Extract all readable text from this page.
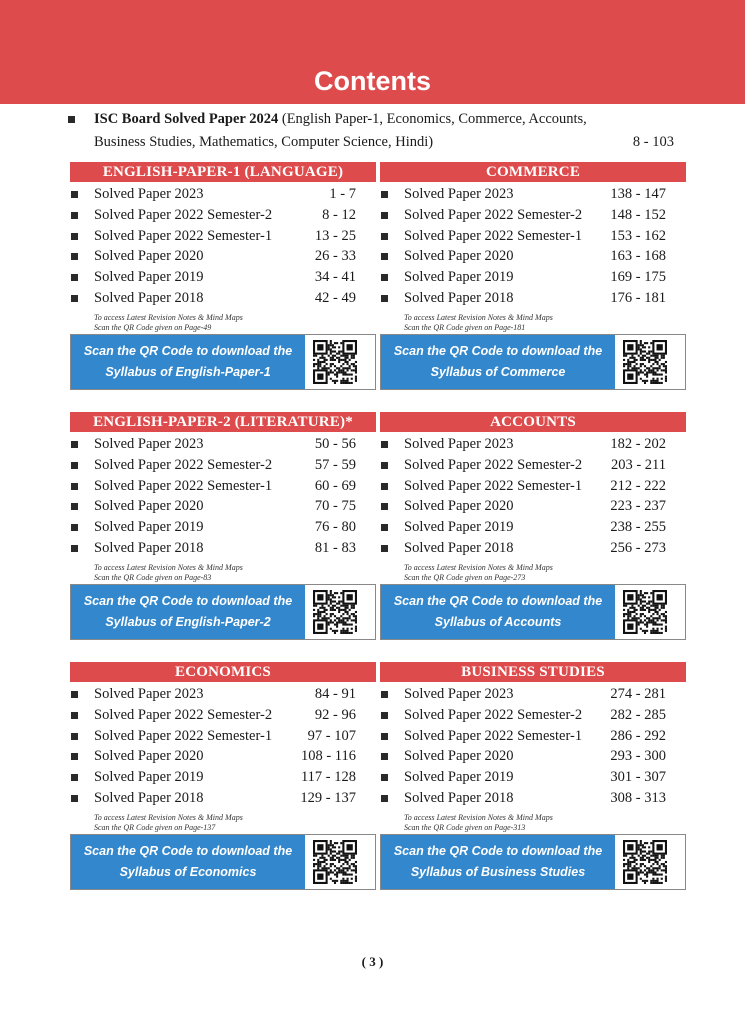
Contents
ISC Board Solved Paper 2024 (English Paper-1, Economics, Commerce, Accounts,
Business Studies, Mathematics, Computer Science, Hindi)	8 - 103
ENGLISH-PAPER-1 (LANGUAGE)
Solved Paper 2023	1 - 7
Solved Paper 2022 Semester-2	8 - 12
Solved Paper 2022 Semester-1	13 - 25
Solved Paper 2020	26 - 33
Solved Paper 2019	34 - 41
Solved Paper 2018	42 - 49
To access Latest Revision Notes & Mind Maps
Scan the QR Code given on Page-49
Scan the QR Code to download the
Syllabus of English-Paper-1
COMMERCE
Solved Paper 2023	138 - 147
Solved Paper 2022 Semester-2 148 - 152
Solved Paper 2022 Semester-1 153 - 162
Solved Paper 2020	163 - 168
Solved Paper 2019	169 - 175
Solved Paper 2018	176 - 181
To access Latest Revision Notes & Mind Maps
Scan the QR Code given on Page-181
Scan the QR Code to download the
Syllabus of Commerce
ENGLISH-PAPER-2 (LITERATURE)*
Solved Paper 2023	50 - 56
Solved Paper 2022 Semester-2	57 - 59
Solved Paper 2022 Semester-1	60 - 69
Solved Paper 2020	70 - 75
Solved Paper 2019	76 - 80
Solved Paper 2018	81 - 83
To access Latest Revision Notes & Mind Maps
Scan the QR Code given on Page-83
Scan the QR Code to download the
Syllabus of English-Paper-2
ACCOUNTS
Solved Paper 2023	182 - 202
Solved Paper 2022 Semester-2 203 - 211
Solved Paper 2022 Semester-1 212 - 222
Solved Paper 2020	223 - 237
Solved Paper 2019	238 - 255
Solved Paper 2018	256 - 273
To access Latest Revision Notes & Mind Maps
Scan the QR Code given on Page-273
Scan the QR Code to download the
Syllabus of Accounts
ECONOMICS
Solved Paper 2023	84 - 91
Solved Paper 2022 Semester-2	92 - 96
Solved Paper 2022 Semester-1 97 - 107
Solved Paper 2020	108 - 116
Solved Paper 2019	117 - 128
Solved Paper 2018	129 - 137
To access Latest Revision Notes & Mind Maps
Scan the QR Code given on Page-137
Scan the QR Code to download the
Syllabus of Economics
BUSINESS STUDIES
Solved Paper 2023	274 - 281
Solved Paper 2022 Semester-2 282 - 285
Solved Paper 2022 Semester-1 286 - 292
Solved Paper 2020	293 - 300
Solved Paper 2019	301 - 307
Solved Paper 2018	308 - 313
To access Latest Revision Notes & Mind Maps
Scan the QR Code given on Page-313
Scan the QR Code to download the
Syllabus of Business Studies
( 3 )
